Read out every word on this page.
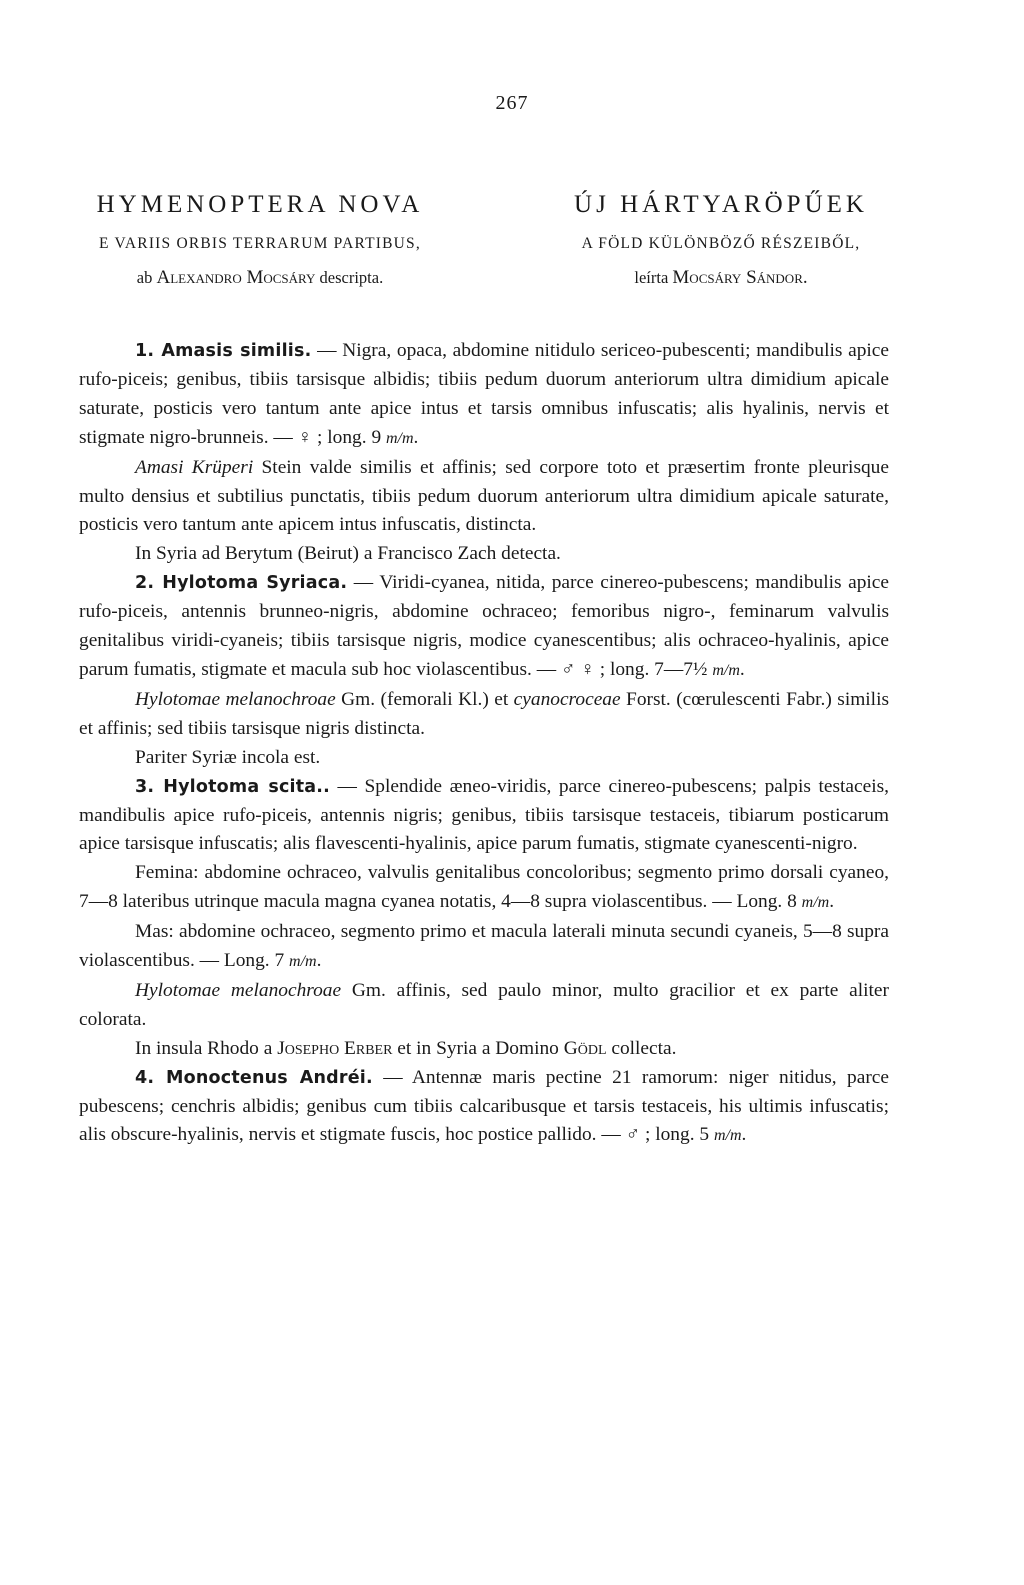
267
HYMENOPTERA NOVA
E VARIIS ORBIS TERRARUM PARTIBUS,
ab Alexandro Mocsáry descripta.
ÚJ HÁRTYARÖPŰEK
A FÖLD KÜLÖNBÖZŐ RÉSZEIBŐL,
leírta Mocsáry Sándor.

1. Amasis similis. — Nigra, opaca, abdomine nitidulo sericeo-pubescenti; mandibulis apice rufo-piceis; genibus, tibiis tarsisque albidis; tibiis pedum duorum anteriorum ultra dimidium apicale saturate, posticis vero tantum ante apice intus et tarsis omnibus infuscatis; alis hyalinis, nervis et stigmate nigro-brunneis. — ♀ ; long. 9 m/m.

Amasi Krüperi Stein valde similis et affinis; sed corpore toto et præsertim fronte pleurisque multo densius et subtilius punctatis, tibiis pedum duorum anteriorum ultra dimidium apicale saturate, posticis vero tantum ante apicem intus infuscatis, distincta.

In Syria ad Berytum (Beirut) a Francisco Zach detecta.

2. Hylotoma Syriaca. — Viridi-cyanea, nitida, parce cinereo-pubescens; mandibulis apice rufo-piceis, antennis brunneo-nigris, abdomine ochraceo; femoribus nigro-, feminarum valvulis genitalibus viridi-cyaneis; tibiis tarsisque nigris, modice cyanescentibus; alis ochraceo-hyalinis, apice parum fumatis, stigmate et macula sub hoc violascentibus. — ♂ ♀ ; long. 7—7½ m/m.

Hylotomae melanochroae Gm. (femorali Kl.) et cyanocroceae Forst. (cœrulescenti Fabr.) similis et affinis; sed tibiis tarsisque nigris distincta.

Pariter Syriæ incola est.

3. Hylotoma scita.. — Splendide æneo-viridis, parce cinereo-pubescens; palpis testaceis, mandibulis apice rufo-piceis, antennis nigris; genibus, tibiis tarsisque testaceis, tibiarum posticarum apice tarsisque infuscatis; alis flavescenti-hyalinis, apice parum fumatis, stigmate cyanescenti-nigro.

Femina: abdomine ochraceo, valvulis genitalibus concoloribus; segmento primo dorsali cyaneo, 7—8 lateribus utrinque macula magna cyanea notatis, 4—8 supra violascentibus. — Long. 8 m/m.

Mas: abdomine ochraceo, segmento primo et macula laterali minuta secundi cyaneis, 5—8 supra violascentibus. — Long. 7 m/m.

Hylotomae melanochroae Gm. affinis, sed paulo minor, multo gracilior et ex parte aliter colorata.

In insula Rhodo a Josepho Erber et in Syria a Domino Gödl collecta.

4. Monoctenus Andréi. — Antennæ maris pectine 21 ramorum: niger nitidus, parce pubescens; cenchris albidis; genibus cum tibiis calcaribusque et tarsis testaceis, his ultimis infuscatis; alis obscure-hyalinis, nervis et stigmate fuscis, hoc postice pallido. — ♂ ; long. 5 m/m.
